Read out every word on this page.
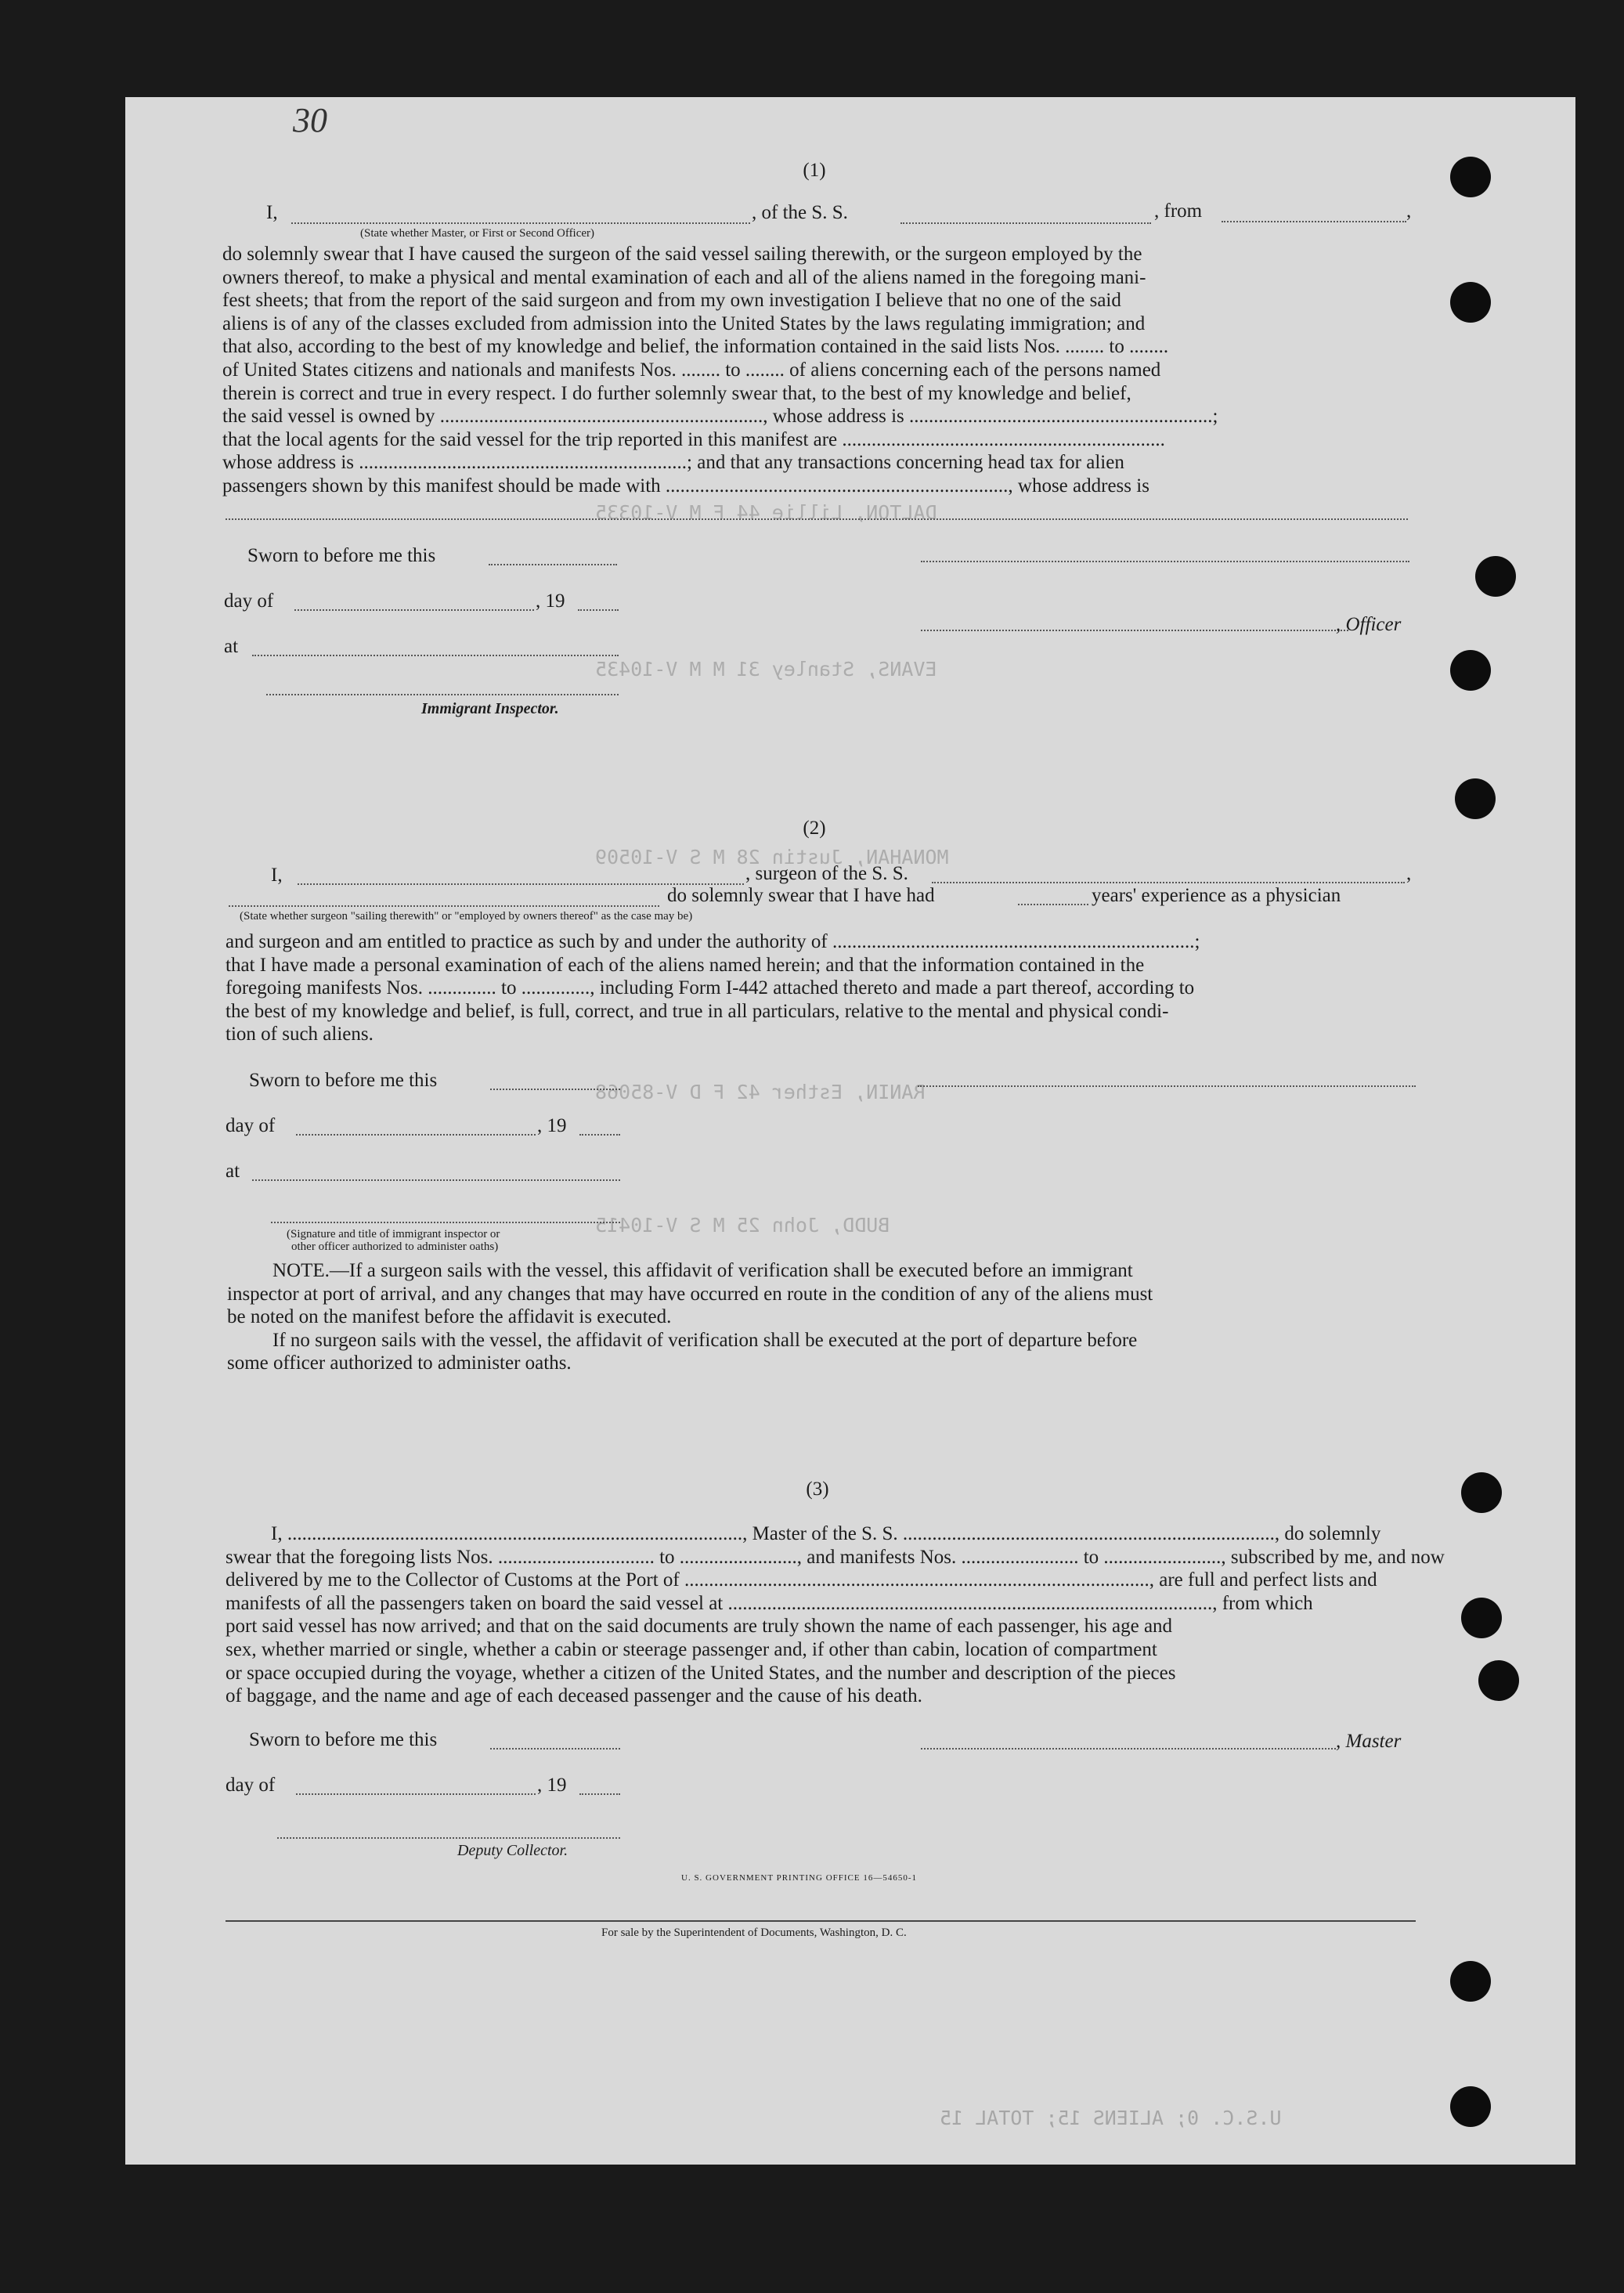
30
DALTON, Lillie 44 F M V-10335
EVANS, Stanley 31 M M V-10435
MONAHAN, Justin 28 M S V-10509
RANIN, Esther 42 F D V-85068
BUDD, John 25 M S V-10415
U.S.C. 0; ALIENS 15; TOTAL 15
(1)
I,	, of the S. S.	, from	,
(State whether Master, or First or Second Officer)
do solemnly swear that I have caused the surgeon of the said vessel sailing therewith, or the surgeon employed by the
owners thereof, to make a physical and mental examination of each and all of the aliens named in the foregoing mani-
fest sheets; that from the report of the said surgeon and from my own investigation I believe that no one of the said
aliens is of any of the classes excluded from admission into the United States by the laws regulating immigration; and
that also, according to the best of my knowledge and belief, the information contained in the said lists Nos. ........ to ........
of United States citizens and nationals and manifests Nos. ........ to ........ of aliens concerning each of the persons named
therein is correct and true in every respect. I do further solemnly swear that, to the best of my knowledge and belief,
the said vessel is owned by .................................................................., whose address is ..............................................................;
that the local agents for the said vessel for the trip reported in this manifest are ..................................................................
whose address is ...................................................................; and that any transactions concerning head tax for alien
passengers shown by this manifest should be made with ......................................................................, whose address is
Sworn to before me this
day of	, 19
, Officer
at
Immigrant Inspector.
(2)
I,	, surgeon of the S. S.	,
do solemnly swear that I have had	years' experience as a physician
(State whether surgeon "sailing therewith" or "employed by owners thereof" as the case may be)
and surgeon and am entitled to practice as such by and under the authority of ..........................................................................;
that I have made a personal examination of each of the aliens named herein; and that the information contained in the
foregoing manifests Nos. .............. to .............., including Form I-442 attached thereto and made a part thereof, according to
the best of my knowledge and belief, is full, correct, and true in all particulars, relative to the mental and physical condi-
tion of such aliens.
Sworn to before me this
day of	, 19
at
(Signature and title of immigrant inspector or
other officer authorized to administer oaths)
NOTE.—If a surgeon sails with the vessel, this affidavit of verification shall be executed before an immigrant
inspector at port of arrival, and any changes that may have occurred en route in the condition of any of the aliens must
be noted on the manifest before the affidavit is executed.
If no surgeon sails with the vessel, the affidavit of verification shall be executed at the port of departure before
some officer authorized to administer oaths.
(3)
I, ............................................................................................., Master of the S. S. ............................................................................, do solemnly
swear that the foregoing lists Nos. ................................ to ........................, and manifests Nos. ........................ to ........................, subscribed by me, and now
delivered by me to the Collector of Customs at the Port of ..............................................................................................., are full and perfect lists and
manifests of all the passengers taken on board the said vessel at ..................................................................................................., from which
port said vessel has now arrived; and that on the said documents are truly shown the name of each passenger, his age and
sex, whether married or single, whether a cabin or steerage passenger and, if other than cabin, location of compartment
or space occupied during the voyage, whether a citizen of the United States, and the number and description of the pieces
of baggage, and the name and age of each deceased passenger and the cause of his death.
Sworn to before me this	, Master
day of	, 19
Deputy Collector.
U. S. GOVERNMENT PRINTING OFFICE 16—54650-1
For sale by the Superintendent of Documents, Washington, D. C.
